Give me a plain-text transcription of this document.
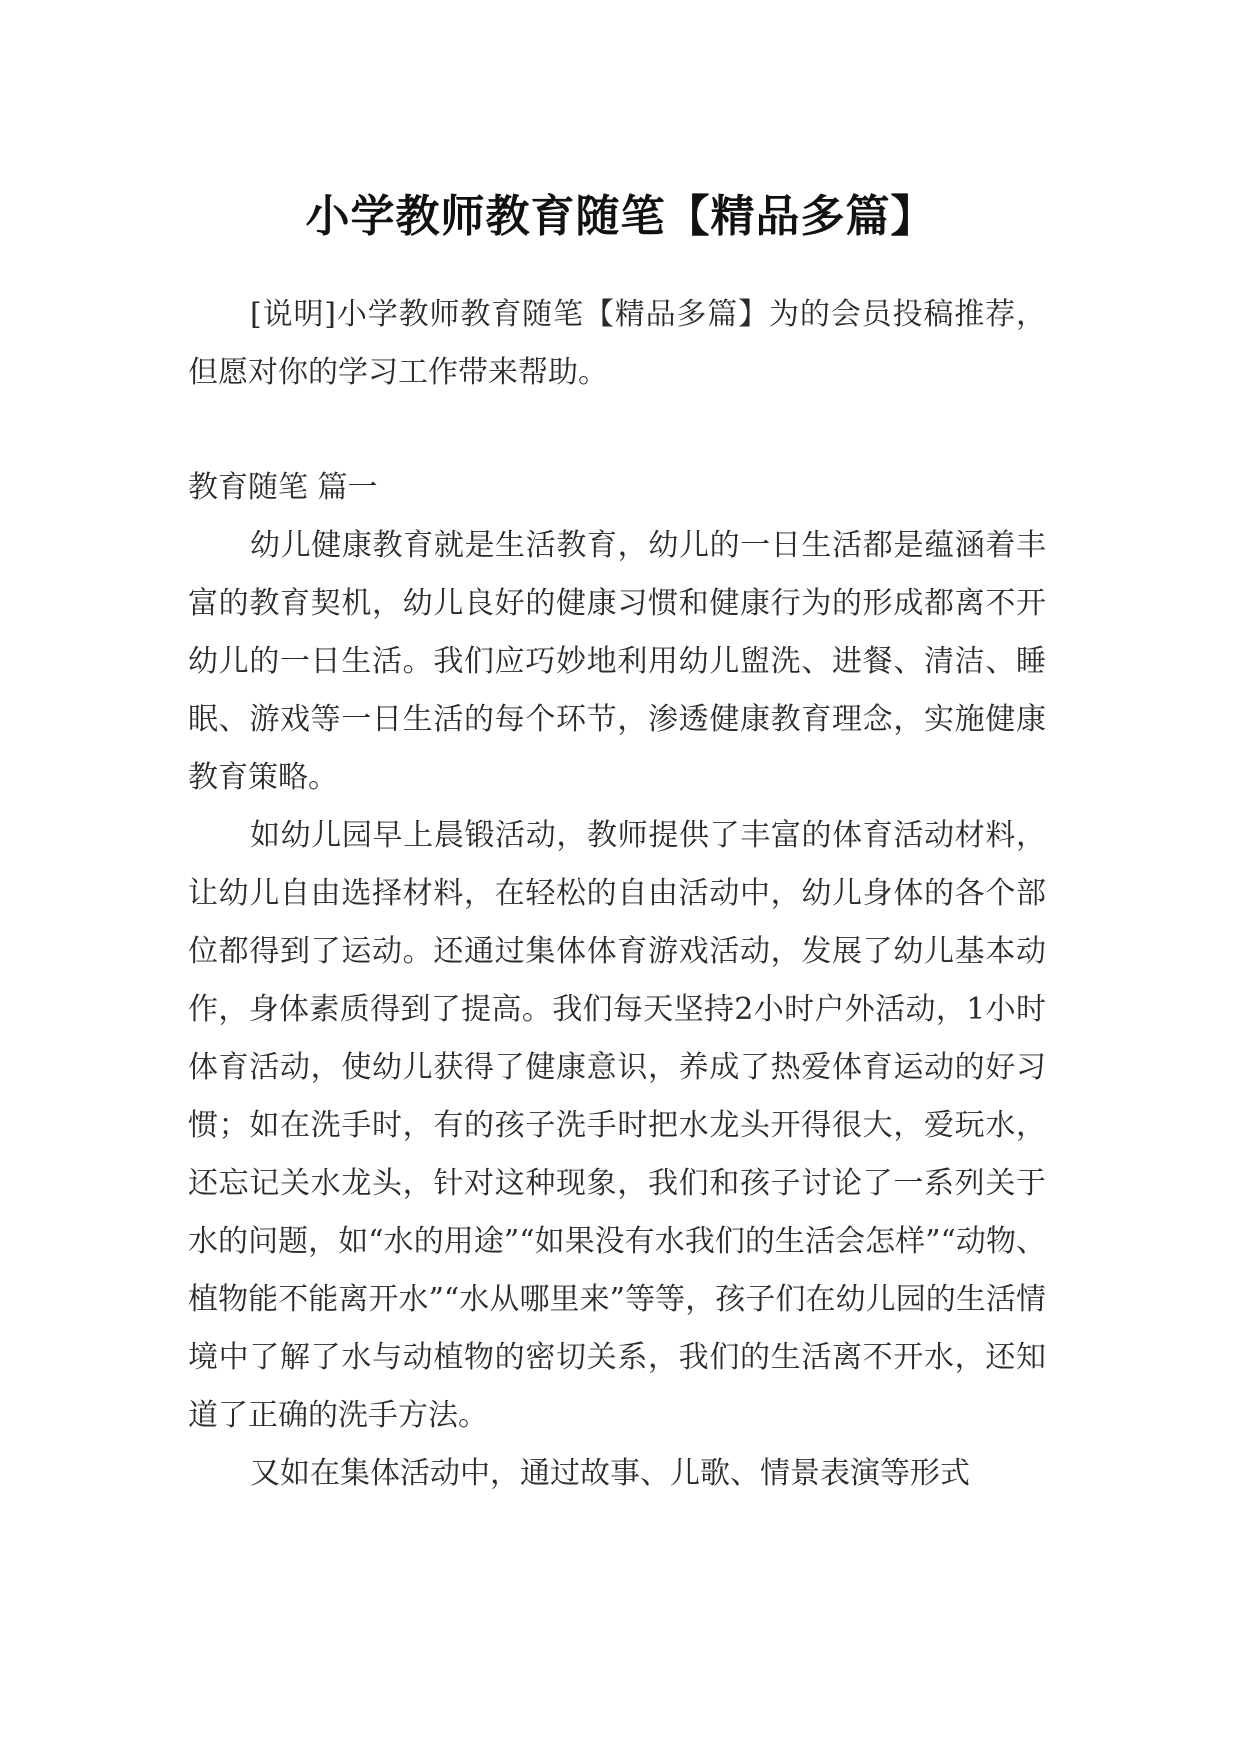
小学教师教育随笔【精品多篇】

[说明]小学教师教育随笔【精品多篇】为的会员投稿推荐，但愿对你的学习工作带来帮助。

教育随笔 篇一

幼儿健康教育就是生活教育，幼儿的一日生活都是蕴涵着丰富的教育契机，幼儿良好的健康习惯和健康行为的形成都离不开幼儿的一日生活。我们应巧妙地利用幼儿盥洗、进餐、清洁、睡眠、游戏等一日生活的每个环节，渗透健康教育理念，实施健康教育策略。

如幼儿园早上晨锻活动，教师提供了丰富的体育活动材料，让幼儿自由选择材料，在轻松的自由活动中，幼儿身体的各个部位都得到了运动。还通过集体体育游戏活动，发展了幼儿基本动作，身体素质得到了提高。我们每天坚持2小时户外活动，1小时体育活动，使幼儿获得了健康意识，养成了热爱体育运动的好习惯；如在洗手时，有的孩子洗手时把水龙头开得很大，爱玩水，还忘记关水龙头，针对这种现象，我们和孩子讨论了一系列关于水的问题，如“水的用途”“如果没有水我们的生活会怎样”“动物、植物能不能离开水”“水从哪里来”等等，孩子们在幼儿园的生活情境中了解了水与动植物的密切关系，我们的生活离不开水，还知道了正确的洗手方法。

又如在集体活动中，通过故事、儿歌、情景表演等形式
